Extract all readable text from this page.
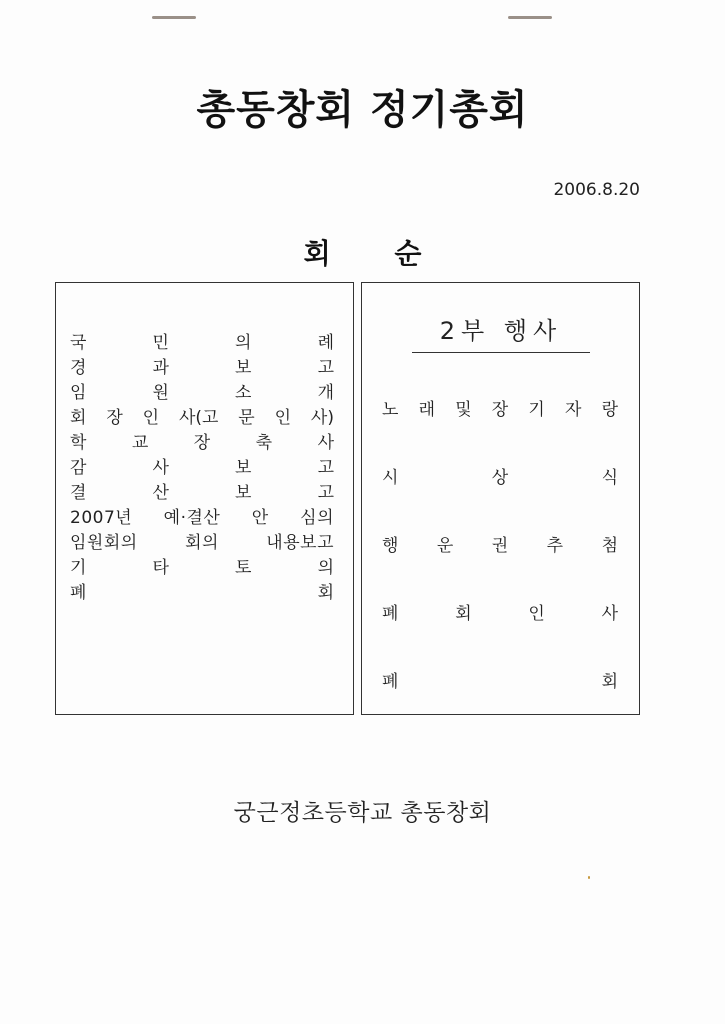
총동창회 정기총회
2006.8.20
회 순
국 민 의 례
경 과 보 고
임 원 소 개
회 장 인 사(고 문 인 사)
학 교 장 축 사
감 사 보 고
결 산 보 고
2007년 예·결산 안 심의
임원회의 회의 내용보고
기 타 토 의
폐 회
2부 행사
노 래 및 장 기 자 랑
시 상 식
행 운 권 추 첨
폐 회 인 사
폐 회
궁근정초등학교 총동창회
